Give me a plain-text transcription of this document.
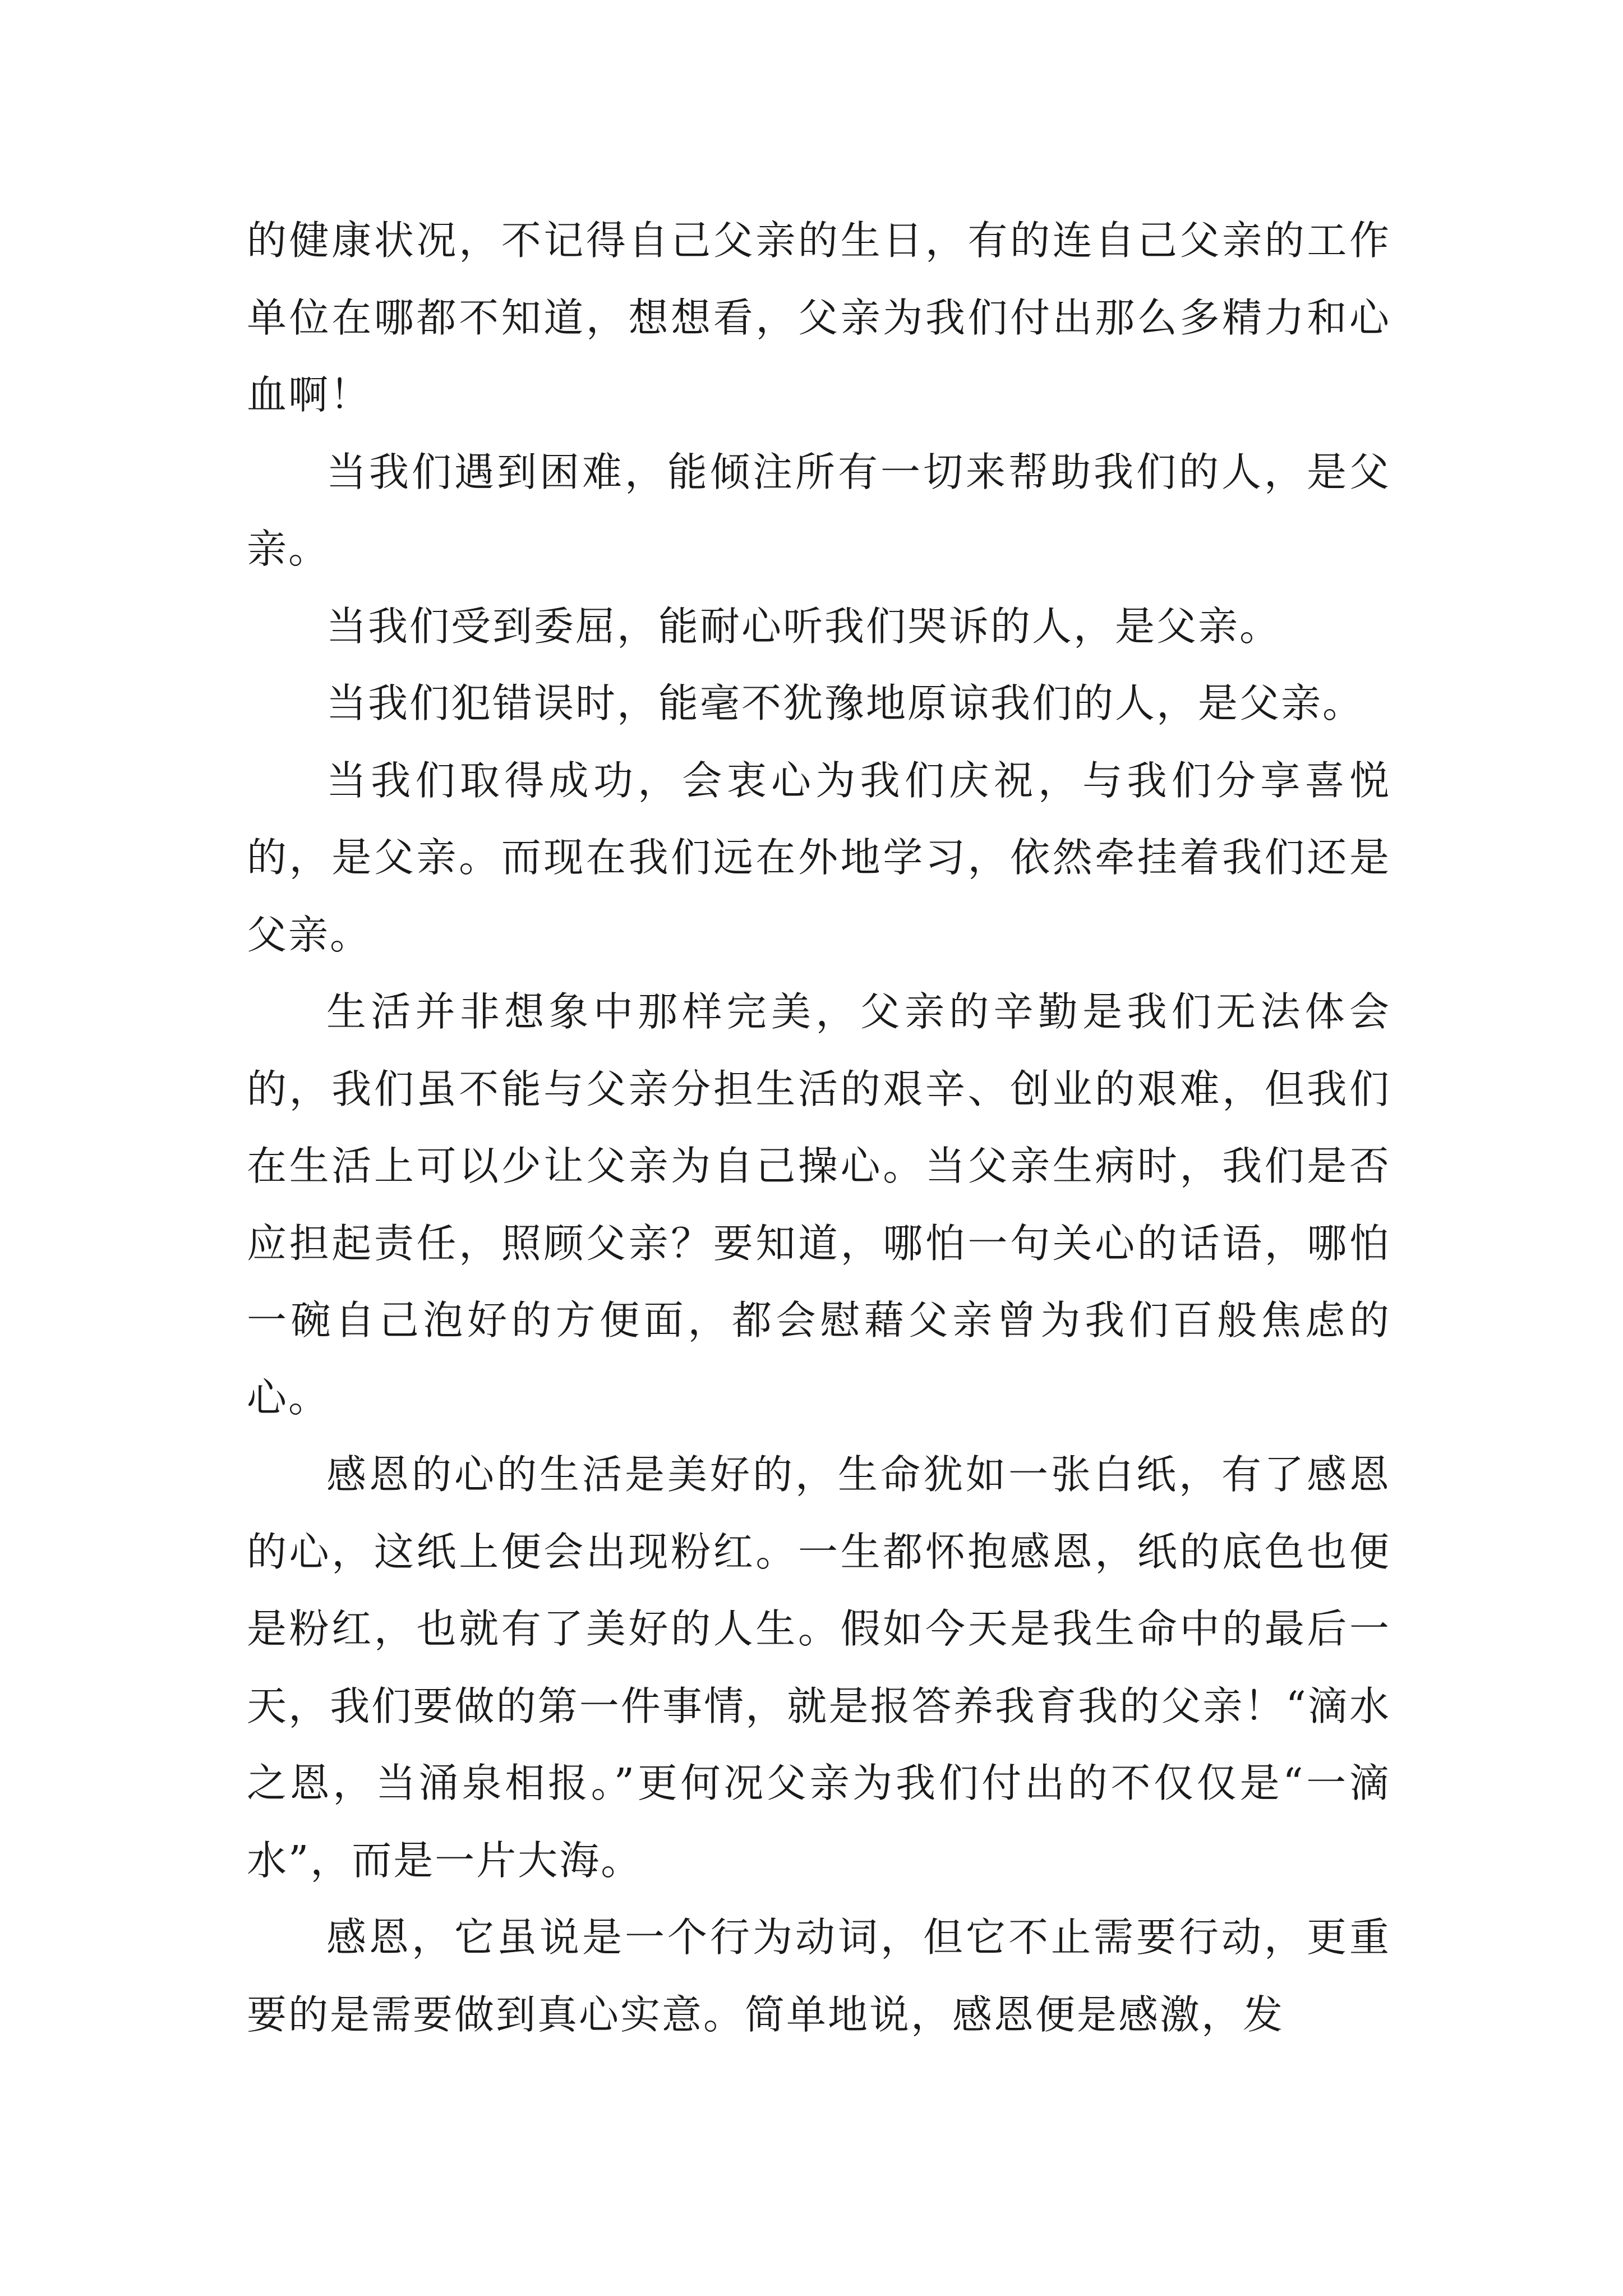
的健康状况，不记得自己父亲的生日，有的连自己父亲的工作单位在哪都不知道，想想看，父亲为我们付出那么多精力和心血啊！

当我们遇到困难，能倾注所有一切来帮助我们的人，是父亲。

当我们受到委屈，能耐心听我们哭诉的人，是父亲。

当我们犯错误时，能毫不犹豫地原谅我们的人，是父亲。

当我们取得成功，会衷心为我们庆祝，与我们分享喜悦的，是父亲。而现在我们远在外地学习，依然牵挂着我们还是父亲。

生活并非想象中那样完美，父亲的辛勤是我们无法体会的，我们虽不能与父亲分担生活的艰辛、创业的艰难，但我们在生活上可以少让父亲为自己操心。当父亲生病时，我们是否应担起责任，照顾父亲？要知道，哪怕一句关心的话语，哪怕一碗自己泡好的方便面，都会慰藉父亲曾为我们百般焦虑的心。

感恩的心的生活是美好的，生命犹如一张白纸，有了感恩的心，这纸上便会出现粉红。一生都怀抱感恩，纸的底色也便是粉红，也就有了美好的人生。假如今天是我生命中的最后一天，我们要做的第一件事情，就是报答养我育我的父亲！“滴水之恩，当涌泉相报。”更何况父亲为我们付出的不仅仅是“一滴水”，而是一片大海。

感恩，它虽说是一个行为动词，但它不止需要行动，更重要的是需要做到真心实意。简单地说，感恩便是感激，发
